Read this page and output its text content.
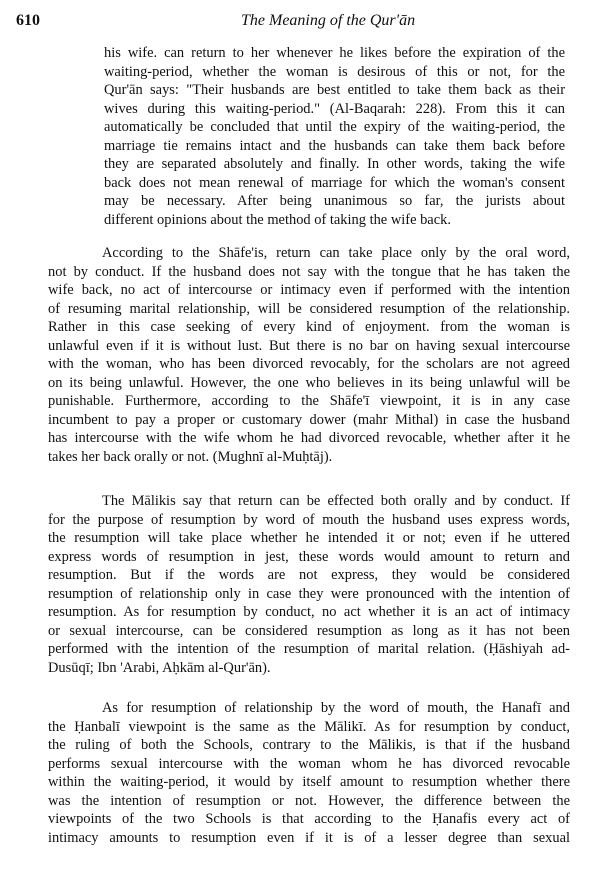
610	The Meaning of the Qur'ān
his wife. can return to her whenever he likes before the expiration of the
waiting-period, whether the woman is desirous of this or not, for the
Qur'ān says: "Their husbands are best entitled to take them back as their
wives during this waiting-period." (Al-Baqarah: 228). From this it can
automatically be concluded that until the expiry of the waiting-period, the
marriage tie remains intact and the husbands can take them back before
they are separated absolutely and finally. In other words, taking the wife
back does not mean renewal of marriage for which the woman's consent
may be necessary. After being unanimous so far, the jurists about
different opinions about the method of taking the wife back.
According to the Shāfe'is, return can take place only by the oral word,
not by conduct. If the husband does not say with the tongue that he has taken the
wife back, no act of intercourse or intimacy even if performed with the intention
of resuming marital relationship, will be considered resumption of the relationship.
Rather in this case seeking of every kind of enjoyment. from the woman is
unlawful even if it is without lust. But there is no bar on having sexual intercourse
with the woman, who has been divorced revocably, for the scholars are not agreed
on its being unlawful. However, the one who believes in its being unlawful will be
punishable. Furthermore, according to the Shāfe'ī viewpoint, it is in any case
incumbent to pay a proper or customary dower (mahr Mithal) in case the husband
has intercourse with the wife whom he had divorced revocable, whether after it he
takes her back orally or not. (Mughnī al-Muḥtāj).
The Mālikis say that return can be effected both orally and by conduct. If
for the purpose of resumption by word of mouth the husband uses express words,
the resumption will take place whether he intended it or not; even if he uttered
express words of resumption in jest, these words would amount to return and
resumption. But if the words are not express, they would be considered
resumption of relationship only in case they were pronounced with the intention of
resumption. As for resumption by conduct, no act whether it is an act of intimacy
or sexual intercourse, can be considered resumption as long as it has not been
performed with the intention of the resumption of marital relation. (Ḥāshiyah ad-
Dusūqī; Ibn 'Arabi, Aḥkām al-Qur'ān).
As for resumption of relationship by the word of mouth, the Hanafī and
the Ḥanbalī viewpoint is the same as the Mālikī. As for resumption by conduct,
the ruling of both the Schools, contrary to the Mālikis, is that if the husband
performs sexual intercourse with the woman whom he has divorced revocable
within the waiting-period, it would by itself amount to resumption whether there
was the intention of resumption or not. However, the difference between the
viewpoints of the two Schools is that according to the Ḥanafis every act of
intimacy amounts to resumption even if it is of a lesser degree than sexual
